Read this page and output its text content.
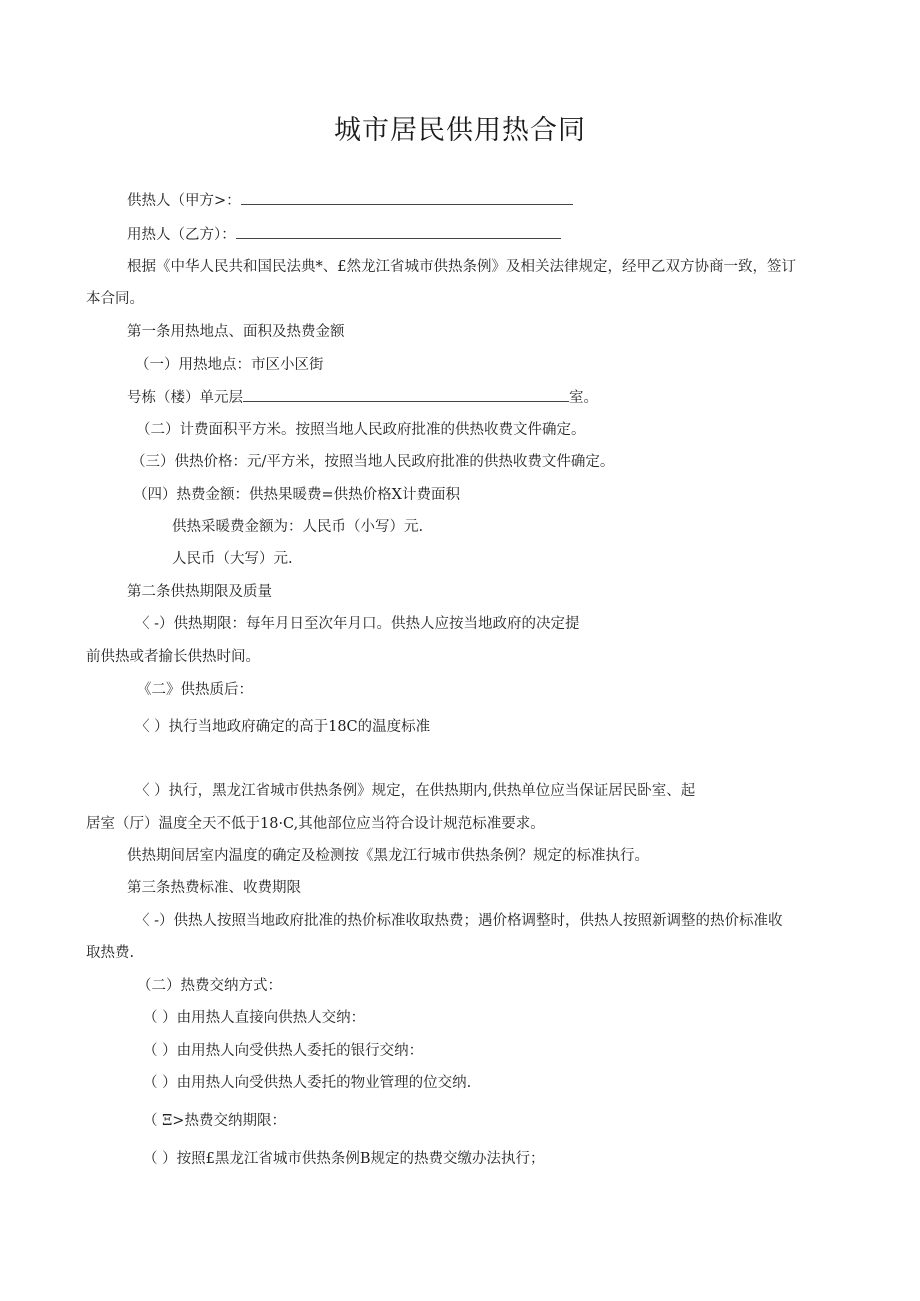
城市居民供用热合同
供热人（甲方>：
用热人（乙方）：
根据《中华人民共和国民法典*、£然龙江省城市供热条例》及相关法律规定，经甲乙双方协商一致，签订
本合同。
第一条用热地点、面积及热费金额
（一）用热地点：市区小区街
号栋（楼）单元层	室。
（二）计费面积平方米。按照当地人民政府批准的供热收费文件确定。
（三）供热价格：元/平方米，按照当地人民政府批准的供热收费文件确定。
（四）热费金额：供热果暖费=供热价格X计费面积
供热采暖费金额为：人民币（小写）元.
人民币（大写）元.
第二条供热期限及质量
〈 -）供热期限：每年月日至次年月口。供热人应按当地政府的决定提
前供热或者揄长供热时间。
《二》供热质后：
〈 ）执行当地政府确定的高于18C的温度标准
〈 ）执行，黑龙江省城市供热条例》规定，在供热期内,供热单位应当保证居民卧室、起
居室（厅）温度全天不低于18·C,其他部位应当符合设计规范标准要求。
供热期间居室内温度的确定及检测按《黑龙江行城市供热条例？规定的标准执行。
第三条热费标准、收费期限
〈 -）供热人按照当地政府批准的热价标准收取热费；遇价格调整时，供热人按照新调整的热价标准收
取热费.
（二）热费交纳方式：
（ ）由用热人直接向供热人交纳：
（ ）由用热人向受供热人委托的银行交纳：
（ ）由用热人向受供热人委托的物业管理的位交纳.
（ Ξ>热费交纳期限：
（ ）按照£黑龙江省城市供热条例B规定的热费交缴办法执行；
